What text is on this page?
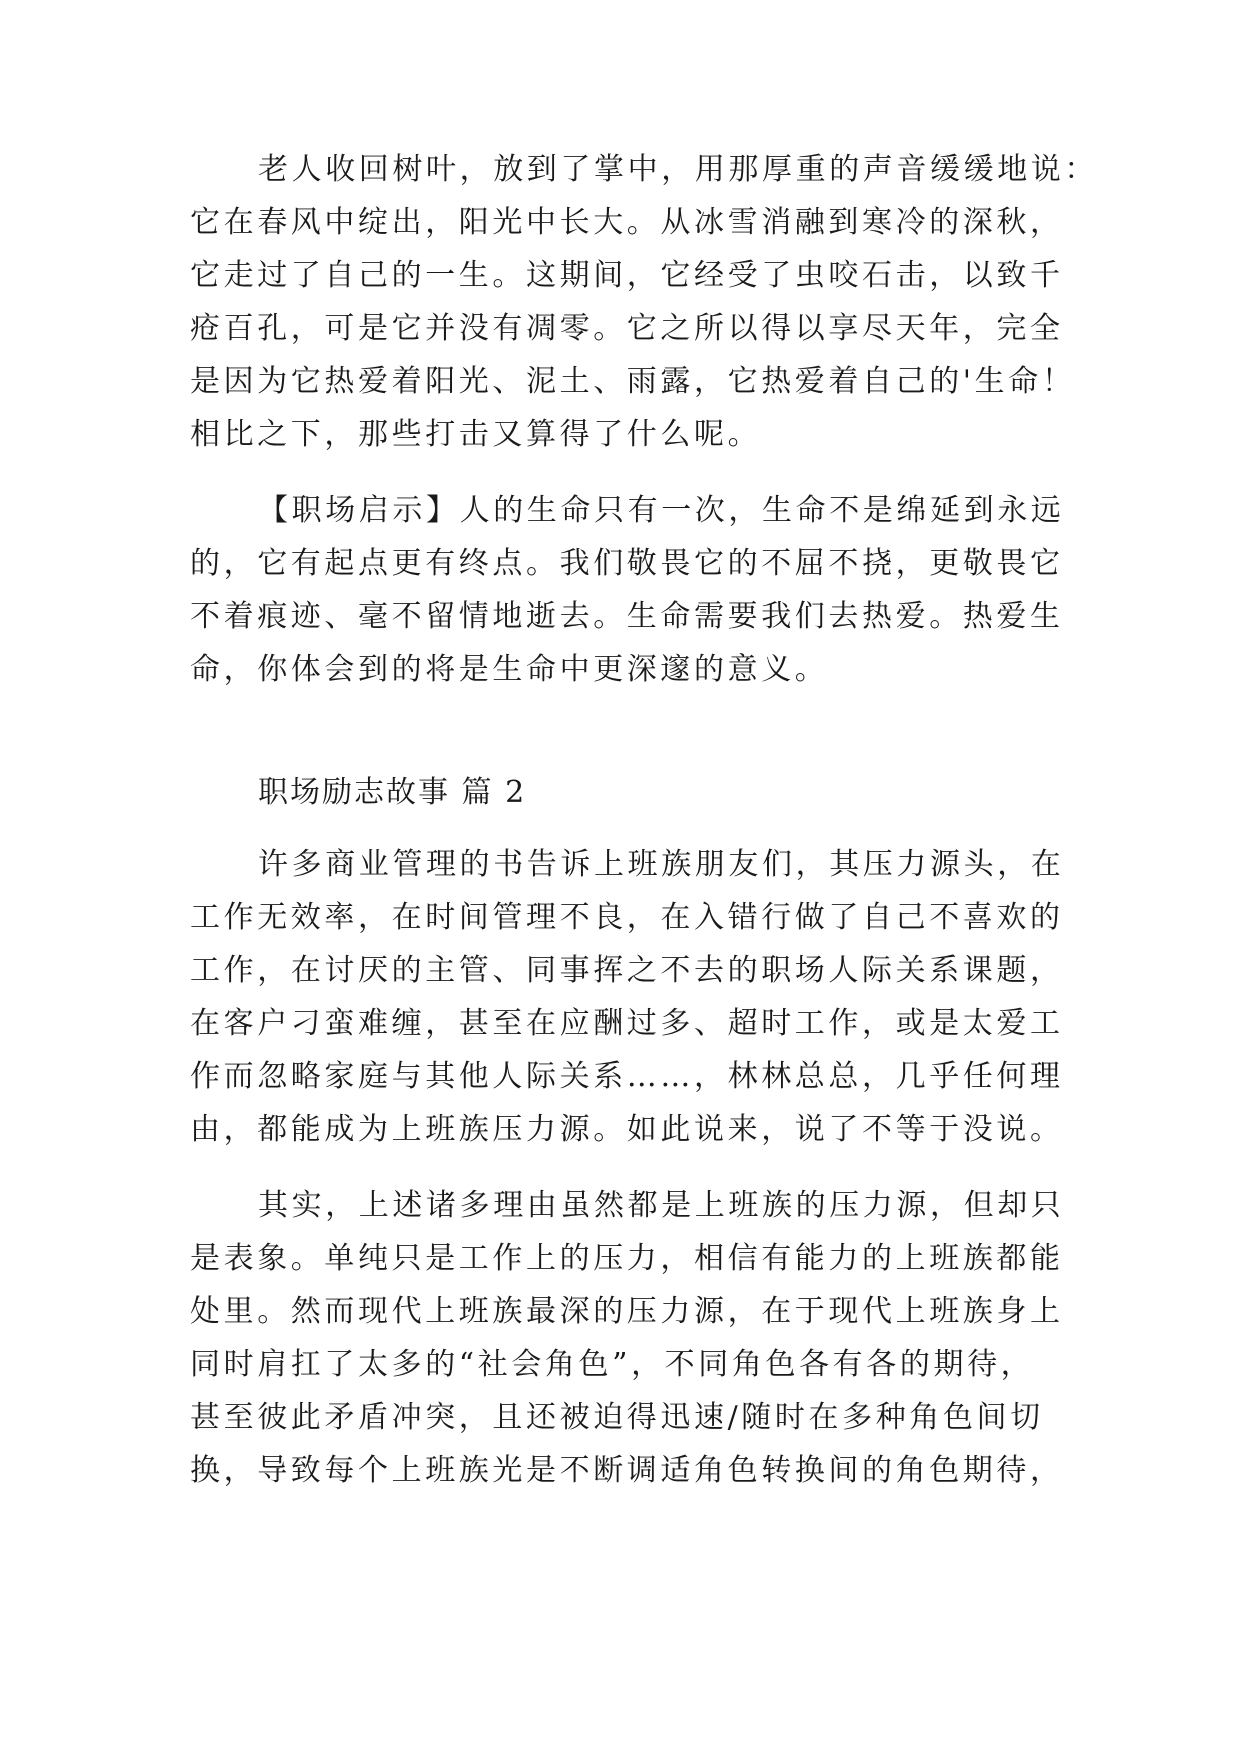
老人收回树叶，放到了掌中，用那厚重的声音缓缓地说：
它在春风中绽出，阳光中长大。从冰雪消融到寒冷的深秋，
它走过了自己的一生。这期间，它经受了虫咬石击，以致千
疮百孔，可是它并没有凋零。它之所以得以享尽天年，完全
是因为它热爱着阳光、泥土、雨露，它热爱着自己的'生命！
相比之下，那些打击又算得了什么呢。
【职场启示】人的生命只有一次，生命不是绵延到永远
的，它有起点更有终点。我们敬畏它的不屈不挠，更敬畏它
不着痕迹、毫不留情地逝去。生命需要我们去热爱。热爱生
命，你体会到的将是生命中更深邃的意义。
职场励志故事 篇 2
许多商业管理的书告诉上班族朋友们，其压力源头，在
工作无效率，在时间管理不良，在入错行做了自己不喜欢的
工作，在讨厌的主管、同事挥之不去的职场人际关系课题，
在客户刁蛮难缠，甚至在应酬过多、超时工作，或是太爱工
作而忽略家庭与其他人际关系……，林林总总，几乎任何理
由，都能成为上班族压力源。如此说来，说了不等于没说。
其实，上述诸多理由虽然都是上班族的压力源，但却只
是表象。单纯只是工作上的压力，相信有能力的上班族都能
处里。然而现代上班族最深的压力源，在于现代上班族身上
同时肩扛了太多的“社会角色”，不同角色各有各的期待，
甚至彼此矛盾冲突，且还被迫得迅速/随时在多种角色间切
换，导致每个上班族光是不断调适角色转换间的角色期待，
